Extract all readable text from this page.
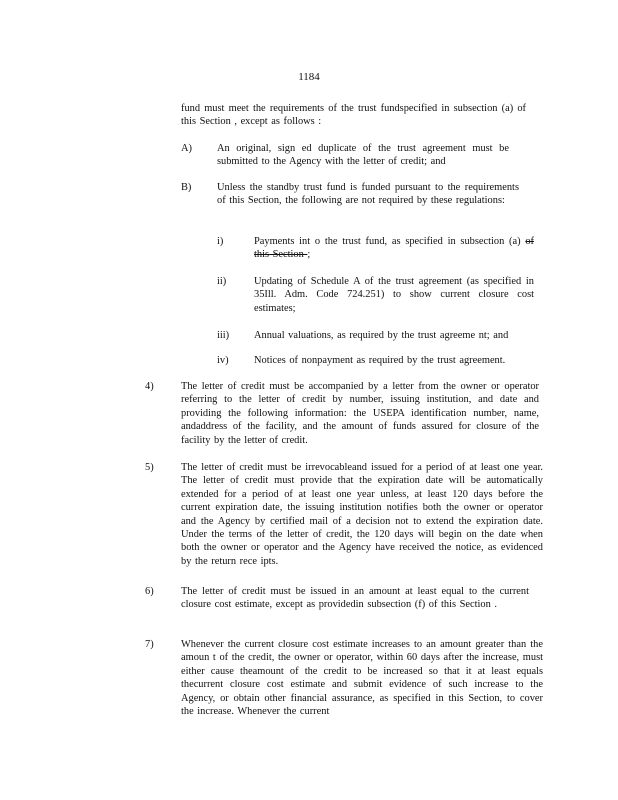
1184
fund must meet the requirements of the trust fundspecified in subsection (a) of this Section , except as follows :
A) An original, sign ed duplicate of the trust agreement must be submitted to the Agency with the letter of credit; and
B) Unless the standby trust fund is funded pursuant to the requirements of this Section, the following are not required by these regulations:
i)	Payments int o the trust fund, as specified in subsection (a) of this Section ;
ii)	Updating of Schedule A of the trust agreement (as specified in 35Ill. Adm. Code 724.251) to show current closure cost estimates;
iii) Annual valuations, as required by the trust agreeme nt; and
iv) Notices of nonpayment as required by the trust agreement.
4)	The letter of credit must be accompanied by a letter from the owner or operator referring to the letter of credit by number, issuing institution, and date and providing the following information: the USEPA identification number, name, andaddress of the facility, and the amount of funds assured for closure of the facility by the letter of credit.
5)	The letter of credit must be irrevocableand issued for a period of at least one year. The letter of credit must provide that the expiration date will be automatically extended for a period of at least one year unless, at least 120 days before the current expiration date, the issuing institution notifies both the owner or operator and the Agency by certified mail of a decision not to extend the expiration date. Under the terms of the letter of credit, the 120 days will begin on the date when both the owner or operator and the Agency have received the notice, as evidenced by the return rece ipts.
6)	The letter of credit must be issued in an amount at least equal to the current closure cost estimate, except as providedin subsection (f) of this Section .
7)	Whenever the current closure cost estimate increases to an amount greater than the amoun t of the credit, the owner or operator, within 60 days after the increase, must either cause theamount of the credit to be increased so that it at least equals thecurrent closure cost estimate and submit evidence of such increase to the Agency, or obtain other financial assurance, as specified in this Section, to cover the increase. Whenever the current
